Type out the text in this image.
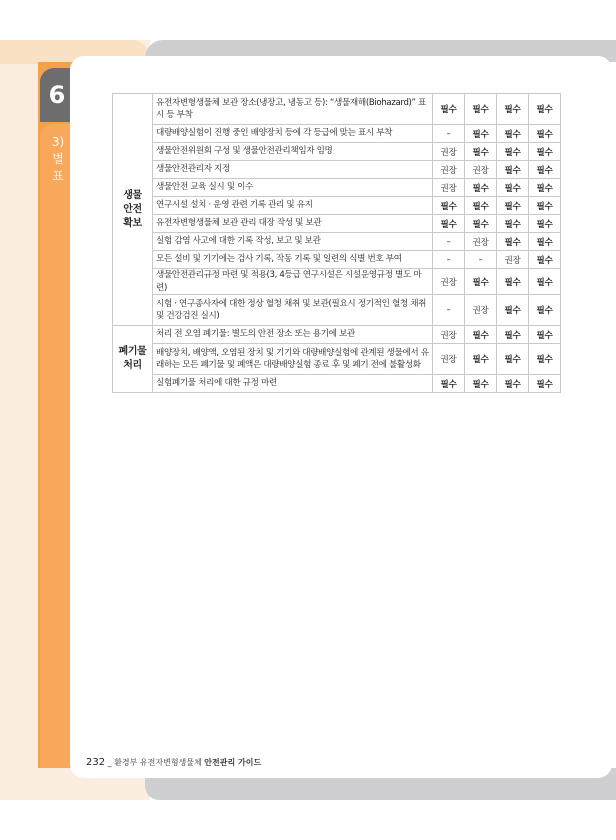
6
3)
별
표
생물
안전
확보	유전자변형생물체 보관 장소(냉장고, 냉동고 등): “생물재해(Biohazard)” 표시 등 부착	필수	필수	필수	필수
	대량배양실험이 진행 중인 배양장치 등에 각 등급에 맞는 표시 부착	–	필수	필수	필수
	생물안전위원회 구성 및 생물안전관리책임자 임명	권장	필수	필수	필수
	생물안전관리자 지정	권장	권장	필수	필수
	생물안전 교육 실시 및 이수	권장	필수	필수	필수
	연구시설 설치 · 운영 관련 기록 관리 및 유지	필수	필수	필수	필수
	유전자변형생물체 보관 관리 대장 작성 및 보관	필수	필수	필수	필수
	실험 감염 사고에 대한 기록 작성, 보고 및 보관	–	권장	필수	필수
	모든 설비 및 기기에는 검사 기록, 작동 기록 및 일련의 식별 번호 부여	–	–	권장	필수
	생물안전관리규정 마련 및 적용(3, 4등급 연구시설은 시설운영규정 별도 마련)	권장	필수	필수	필수
	시험 · 연구종사자에 대한 정상 혈청 채취 및 보관(필요시 정기적인 혈청 채취 및 건강검진 실시)	–	권장	필수	필수
폐기물
처리	처리 전 오염 폐기물: 별도의 안전 장소 또는 용기에 보관	권장	필수	필수	필수
	배양장치, 배양액, 오염된 장치 및 기기와 대량배양실험에 관계된 생물에서 유래하는 모든 폐기물 및 폐액은 대량배양실험 종료 후 및 폐기 전에 불활성화	권장	필수	필수	필수
	실험폐기물 처리에 대한 규정 마련	필수	필수	필수	필수
232 _ 환경부 유전자변형생물체 안전관리 가이드
